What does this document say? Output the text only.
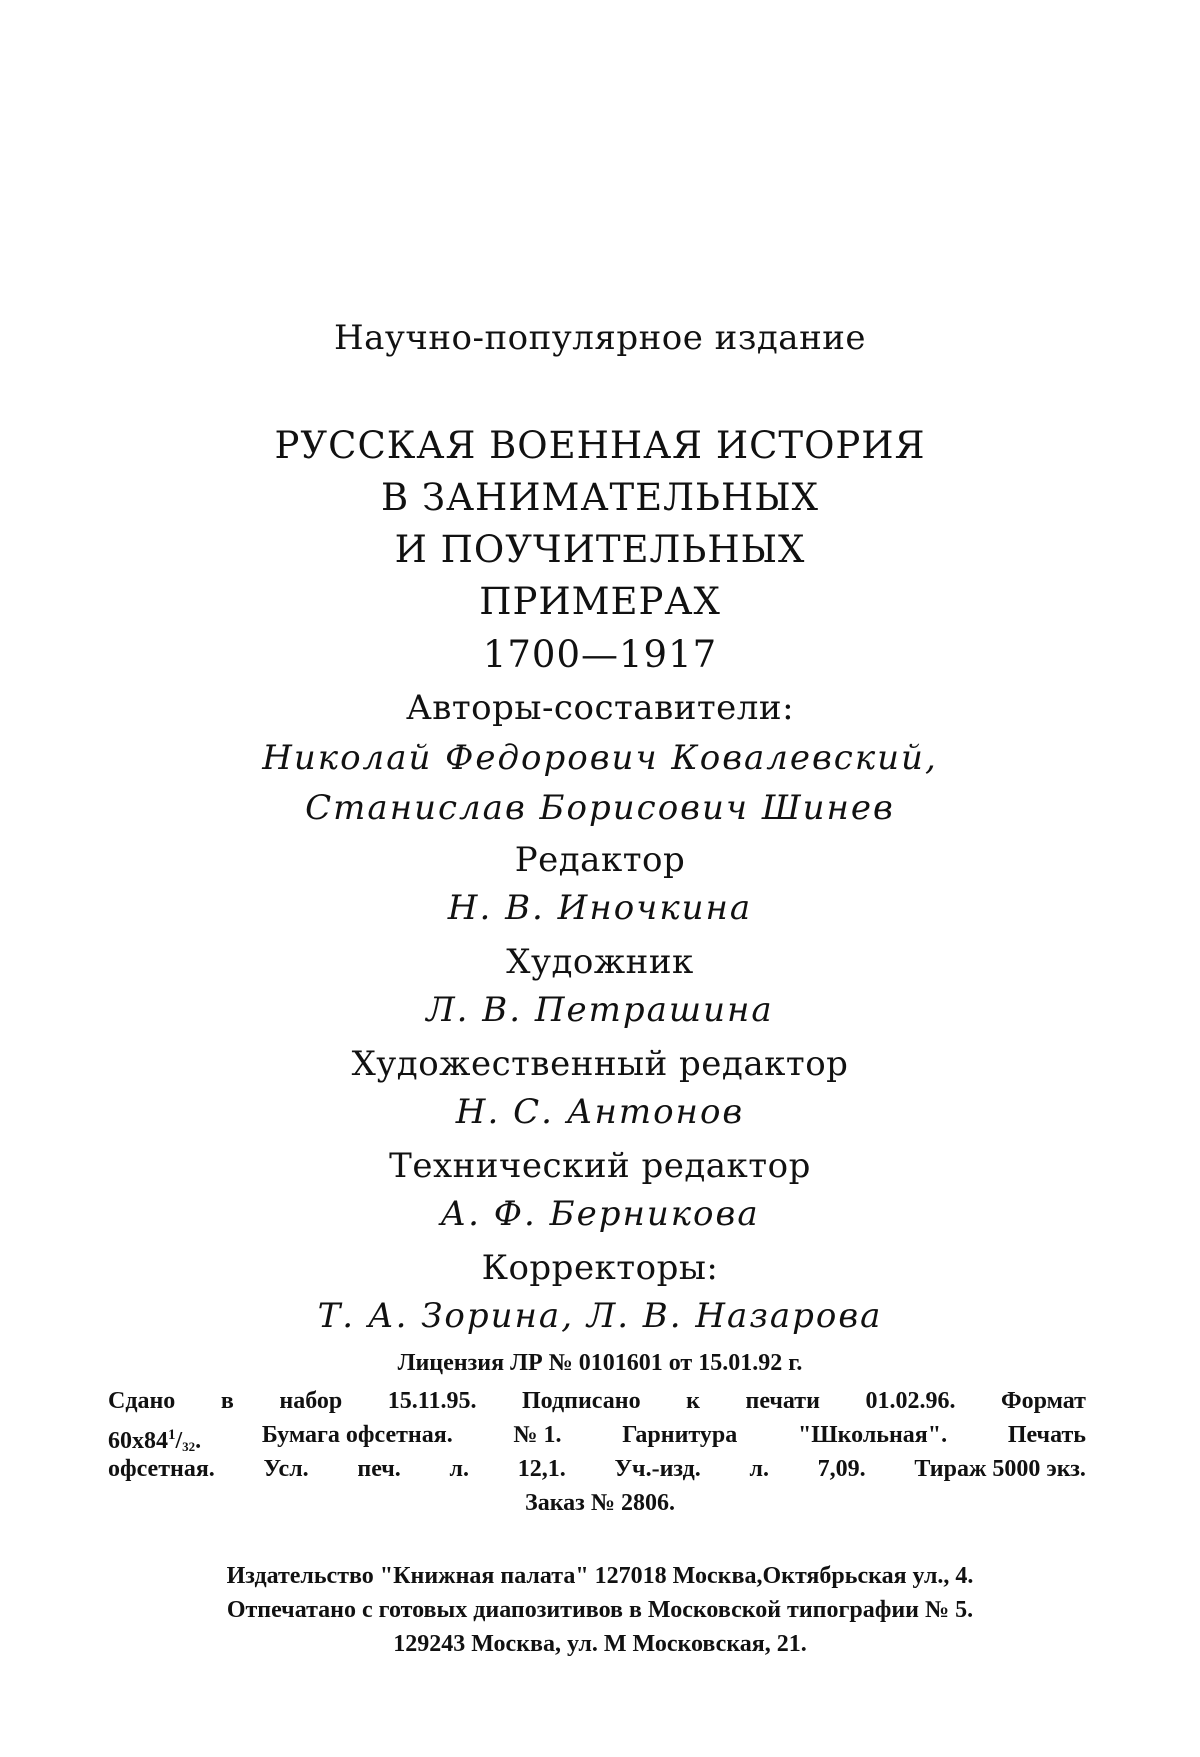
Научно-популярное издание
РУССКАЯ ВОЕННАЯ ИСТОРИЯ
В ЗАНИМАТЕЛЬНЫХ
И ПОУЧИТЕЛЬНЫХ
ПРИМЕРАХ
1700—1917
Авторы-составители:
Николай Федорович Ковалевский,
Станислав Борисович Шинев
Редактор
Н. В. Иночкина
Художник
Л. В. Петрашина
Художественный редактор
Н. С. Антонов
Технический редактор
А. Ф. Берникова
Корректоры:
Т. А. Зорина, Л. В. Назарова
Лицензия ЛР № 0101601 от 15.01.92 г.
Сдано в набор 15.11.95. Подписано к печати 01.02.96. Формат
$60х84^1/_{32}$.	Бумага офсетная.	№ 1.	Гарнитура	"Школьная".	Печать
офсетная. Усл. печ. л. 12,1. Уч.-изд. л. 7,09. Тираж 5000 экз.
Заказ № 2806.
Издательство "Книжная палата" 127018 Москва,Октябрьская ул., 4.
Отпечатано с готовых диапозитивов в Московской типографии № 5.
129243 Москва, ул. М Московская, 21.
